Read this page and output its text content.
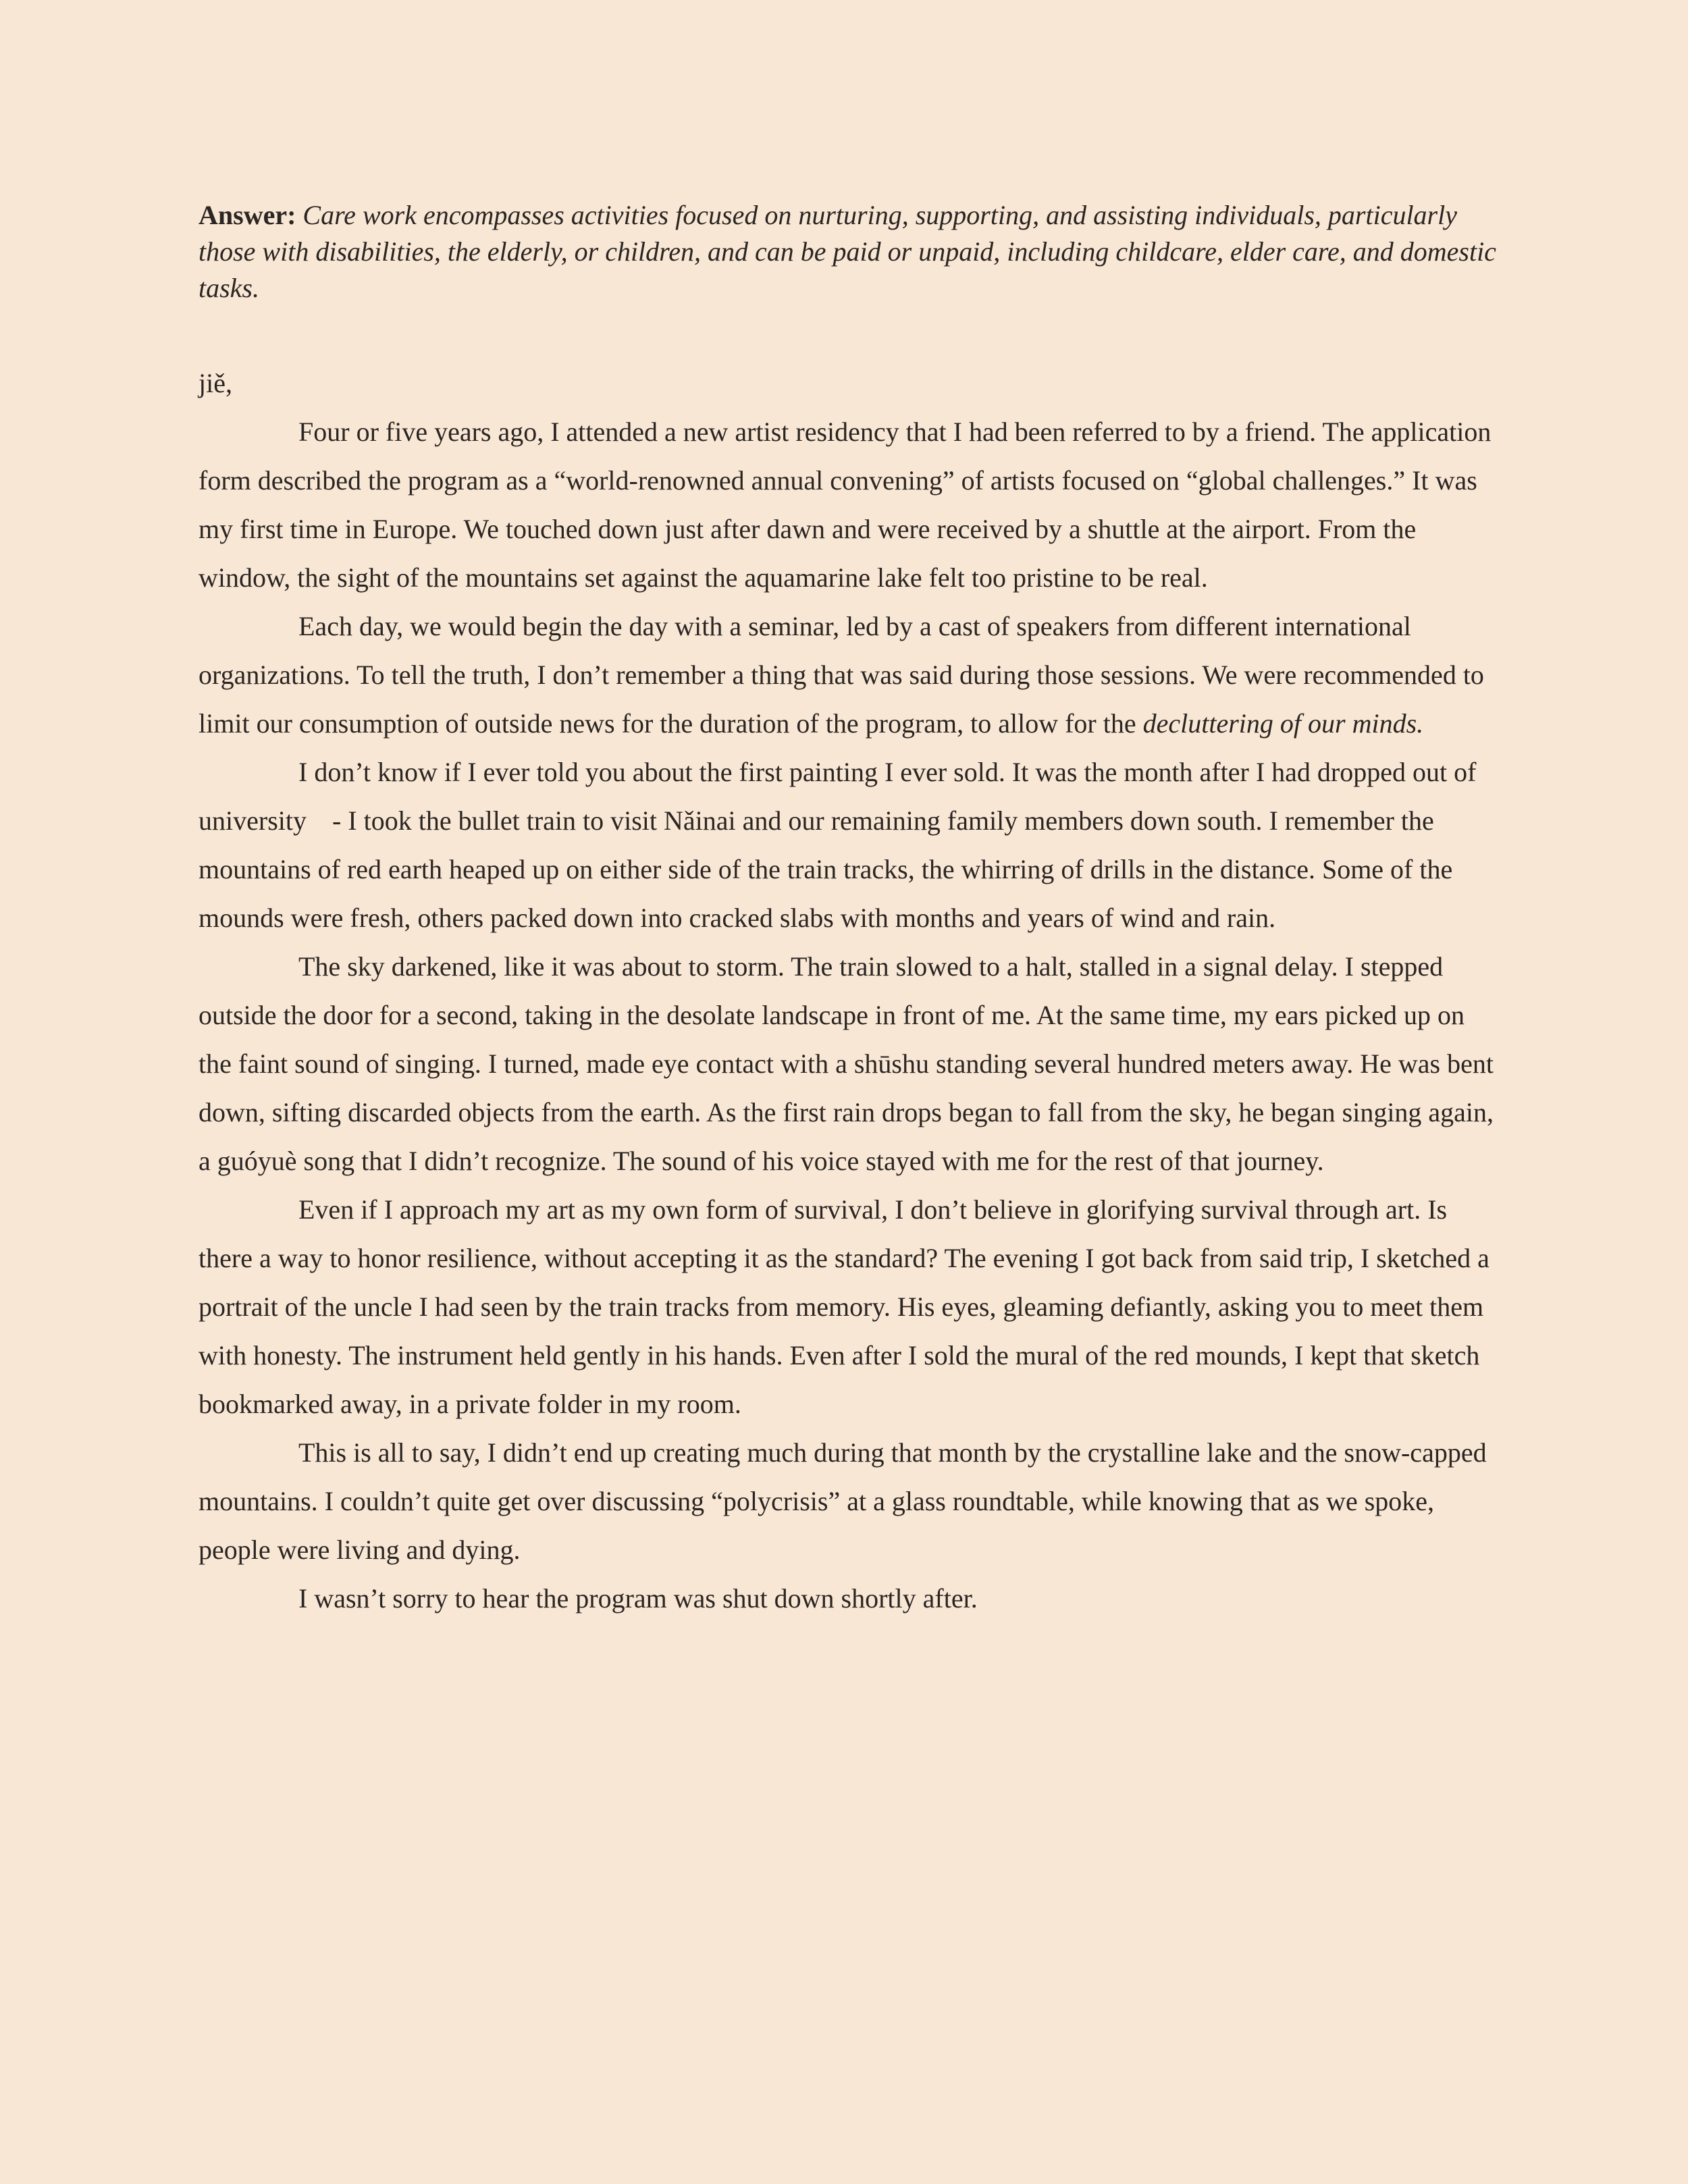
Answer: Care work encompasses activities focused on nurturing, supporting, and assisting individuals, particularly those with disabilities, the elderly, or children, and can be paid or unpaid, including childcare, elder care, and domestic tasks.

jiě,

Four or five years ago, I attended a new artist residency that I had been referred to by a friend. The application form described the program as a “world-renowned annual convening” of artists focused on “global challenges.” It was my first time in Europe. We touched down just after dawn and were received by a shuttle at the airport. From the window, the sight of the mountains set against the aquamarine lake felt too pristine to be real.

Each day, we would begin the day with a seminar, led by a cast of speakers from different international organizations. To tell the truth, I don’t remember a thing that was said during those sessions. We were recommended to limit our consumption of outside news for the duration of the program, to allow for the decluttering of our minds.

I don’t know if I ever told you about the first painting I ever sold. It was the month after I had dropped out of university - I took the bullet train to visit Nǎinai and our remaining family members down south. I remember the mountains of red earth heaped up on either side of the train tracks, the whirring of drills in the distance. Some of the mounds were fresh, others packed down into cracked slabs with months and years of wind and rain.

The sky darkened, like it was about to storm. The train slowed to a halt, stalled in a signal delay. I stepped outside the door for a second, taking in the desolate landscape in front of me. At the same time, my ears picked up on the faint sound of singing. I turned, made eye contact with a shūshu standing several hundred meters away. He was bent down, sifting discarded objects from the earth. As the first rain drops began to fall from the sky, he began singing again, a guóyuè song that I didn’t recognize. The sound of his voice stayed with me for the rest of that journey.

Even if I approach my art as my own form of survival, I don’t believe in glorifying survival through art. Is there a way to honor resilience, without accepting it as the standard? The evening I got back from said trip, I sketched a portrait of the uncle I had seen by the train tracks from memory. His eyes, gleaming defiantly, asking you to meet them with honesty. The instrument held gently in his hands. Even after I sold the mural of the red mounds, I kept that sketch bookmarked away, in a private folder in my room.

This is all to say, I didn’t end up creating much during that month by the crystalline lake and the snow-capped mountains. I couldn’t quite get over discussing “polycrisis” at a glass roundtable, while knowing that as we spoke, people were living and dying.

I wasn’t sorry to hear the program was shut down shortly after.
